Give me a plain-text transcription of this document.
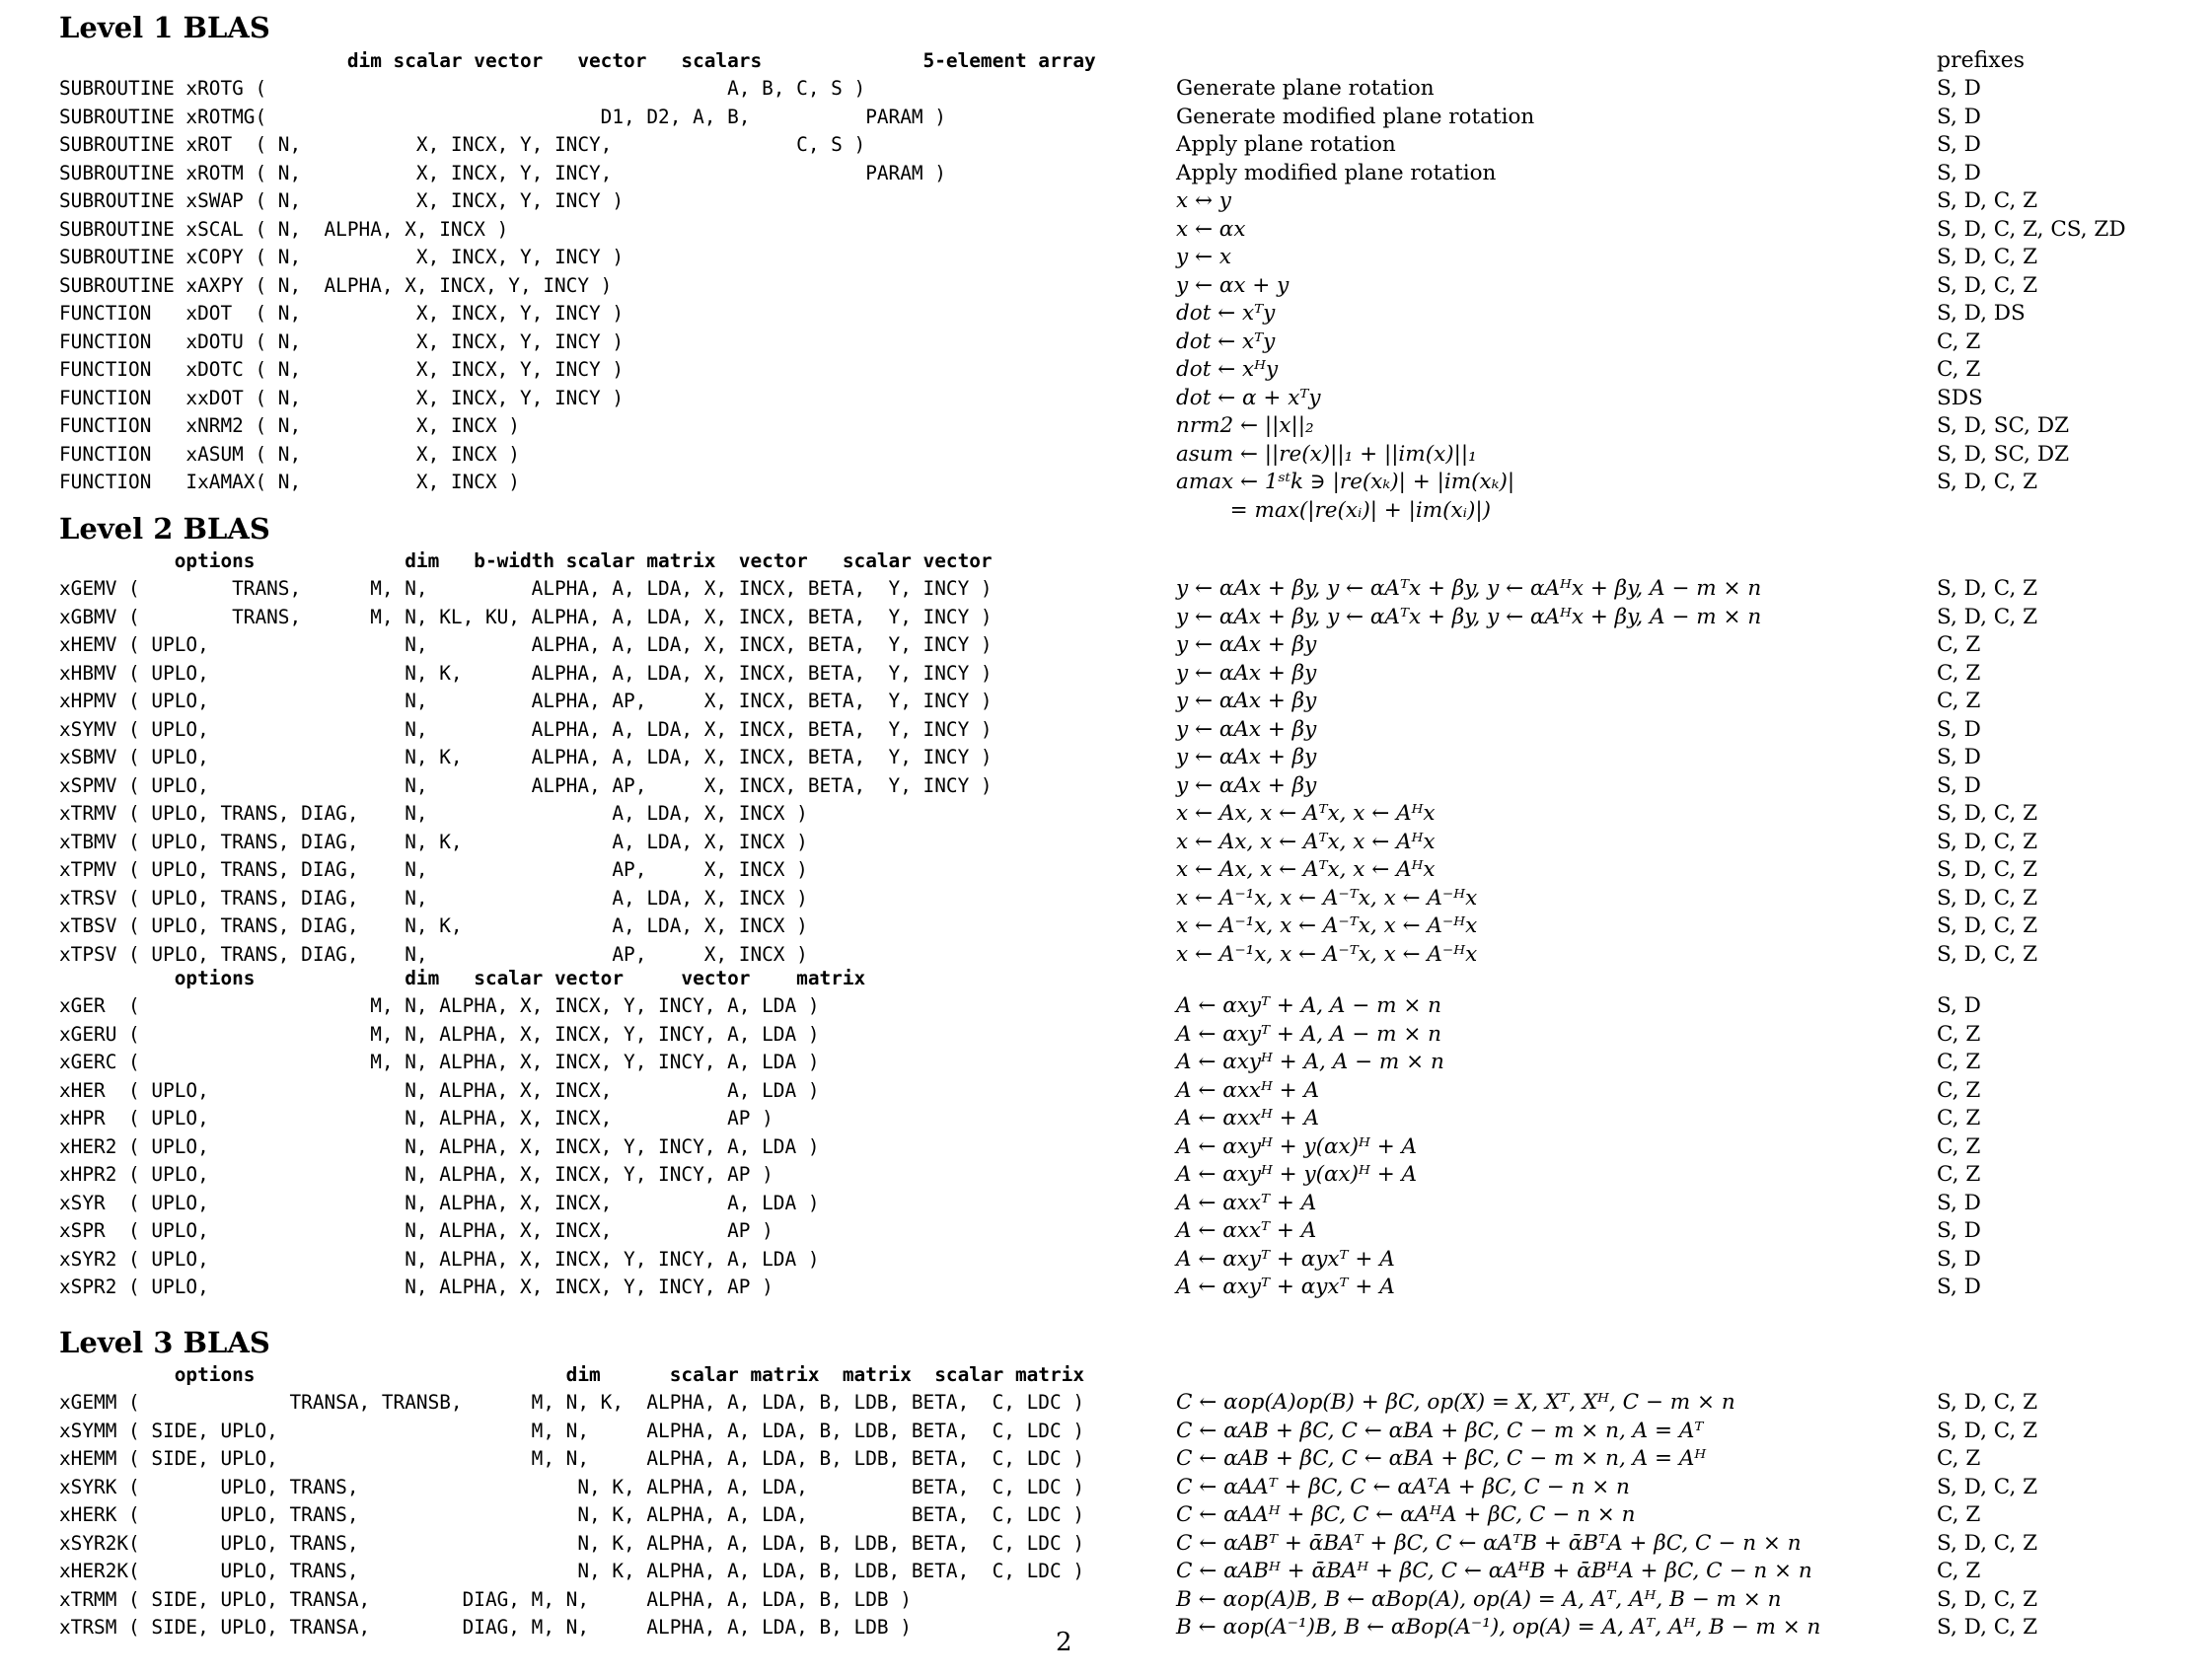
Level 1 BLAS
dim scalar vector   vector   scalars              5-element array	prefixes
SUBROUTINE xROTG (                                        A, B, C, S )	Generate plane rotation	S, D
SUBROUTINE xROTMG(                             D1, D2, A, B,          PARAM )	Generate modified plane rotation	S, D
SUBROUTINE xROT  ( N,          X, INCX, Y, INCY,                C, S )	Apply plane rotation	S, D
SUBROUTINE xROTM ( N,          X, INCX, Y, INCY,                      PARAM )	Apply modified plane rotation	S, D
SUBROUTINE xSWAP ( N,          X, INCX, Y, INCY )	x ↔ y	S, D, C, Z
SUBROUTINE xSCAL ( N,  ALPHA, X, INCX )	x ← αx	S, D, C, Z, CS, ZD
SUBROUTINE xCOPY ( N,          X, INCX, Y, INCY )	y ← x	S, D, C, Z
SUBROUTINE xAXPY ( N,  ALPHA, X, INCX, Y, INCY )	y ← αx + y	S, D, C, Z
FUNCTION   xDOT  ( N,          X, INCX, Y, INCY )	dot ← xᵀy	S, D, DS
FUNCTION   xDOTU ( N,          X, INCX, Y, INCY )	dot ← xᵀy	C, Z
FUNCTION   xDOTC ( N,          X, INCX, Y, INCY )	dot ← xᴴy	C, Z
FUNCTION   xxDOT ( N,          X, INCX, Y, INCY )	dot ← α + xᵀy	SDS
FUNCTION   xNRM2 ( N,          X, INCX )	nrm2 ← ||x||₂	S, D, SC, DZ
FUNCTION   xASUM ( N,          X, INCX )	asum ← ||re(x)||₁ + ||im(x)||₁	S, D, SC, DZ
FUNCTION   IxAMAX( N,          X, INCX )	amax ← 1ˢᵗk ∋ |re(xₖ)| + |im(xₖ)|	S, D, C, Z
= max(|re(xᵢ)| + |im(xᵢ)|)
Level 2 BLAS
options             dim   b-width scalar matrix  vector   scalar vector
xGEMV (        TRANS,      M, N,         ALPHA, A, LDA, X, INCX, BETA,  Y, INCY )	y ← αAx + βy, y ← αAᵀx + βy, y ← αAᴴx + βy, A − m × n	S, D, C, Z
xGBMV (        TRANS,      M, N, KL, KU, ALPHA, A, LDA, X, INCX, BETA,  Y, INCY )	y ← αAx + βy, y ← αAᵀx + βy, y ← αAᴴx + βy, A − m × n	S, D, C, Z
xHEMV ( UPLO,                 N,         ALPHA, A, LDA, X, INCX, BETA,  Y, INCY )	y ← αAx + βy	C, Z
xHBMV ( UPLO,                 N, K,      ALPHA, A, LDA, X, INCX, BETA,  Y, INCY )	y ← αAx + βy	C, Z
xHPMV ( UPLO,                 N,         ALPHA, AP,     X, INCX, BETA,  Y, INCY )	y ← αAx + βy	C, Z
xSYMV ( UPLO,                 N,         ALPHA, A, LDA, X, INCX, BETA,  Y, INCY )	y ← αAx + βy	S, D
xSBMV ( UPLO,                 N, K,      ALPHA, A, LDA, X, INCX, BETA,  Y, INCY )	y ← αAx + βy	S, D
xSPMV ( UPLO,                 N,         ALPHA, AP,     X, INCX, BETA,  Y, INCY )	y ← αAx + βy	S, D
xTRMV ( UPLO, TRANS, DIAG,    N,                A, LDA, X, INCX )	x ← Ax, x ← Aᵀx, x ← Aᴴx	S, D, C, Z
xTBMV ( UPLO, TRANS, DIAG,    N, K,             A, LDA, X, INCX )	x ← Ax, x ← Aᵀx, x ← Aᴴx	S, D, C, Z
xTPMV ( UPLO, TRANS, DIAG,    N,                AP,     X, INCX )	x ← Ax, x ← Aᵀx, x ← Aᴴx	S, D, C, Z
xTRSV ( UPLO, TRANS, DIAG,    N,                A, LDA, X, INCX )	x ← A⁻¹x, x ← A⁻ᵀx, x ← A⁻ᴴx	S, D, C, Z
xTBSV ( UPLO, TRANS, DIAG,    N, K,             A, LDA, X, INCX )	x ← A⁻¹x, x ← A⁻ᵀx, x ← A⁻ᴴx	S, D, C, Z
xTPSV ( UPLO, TRANS, DIAG,    N,                AP,     X, INCX )	x ← A⁻¹x, x ← A⁻ᵀx, x ← A⁻ᴴx	S, D, C, Z
options             dim   scalar vector     vector    matrix
xGER  (                    M, N, ALPHA, X, INCX, Y, INCY, A, LDA )	A ← αxyᵀ + A, A − m × n	S, D
xGERU (                    M, N, ALPHA, X, INCX, Y, INCY, A, LDA )	A ← αxyᵀ + A, A − m × n	C, Z
xGERC (                    M, N, ALPHA, X, INCX, Y, INCY, A, LDA )	A ← αxyᴴ + A, A − m × n	C, Z
xHER  ( UPLO,                 N, ALPHA, X, INCX,          A, LDA )	A ← αxxᴴ + A	C, Z
xHPR  ( UPLO,                 N, ALPHA, X, INCX,          AP )	A ← αxxᴴ + A	C, Z
xHER2 ( UPLO,                 N, ALPHA, X, INCX, Y, INCY, A, LDA )	A ← αxyᴴ + y(αx)ᴴ + A	C, Z
xHPR2 ( UPLO,                 N, ALPHA, X, INCX, Y, INCY, AP )	A ← αxyᴴ + y(αx)ᴴ + A	C, Z
xSYR  ( UPLO,                 N, ALPHA, X, INCX,          A, LDA )	A ← αxxᵀ + A	S, D
xSPR  ( UPLO,                 N, ALPHA, X, INCX,          AP )	A ← αxxᵀ + A	S, D
xSYR2 ( UPLO,                 N, ALPHA, X, INCX, Y, INCY, A, LDA )	A ← αxyᵀ + αyxᵀ + A	S, D
xSPR2 ( UPLO,                 N, ALPHA, X, INCX, Y, INCY, AP )	A ← αxyᵀ + αyxᵀ + A	S, D
Level 3 BLAS
options                           dim      scalar matrix  matrix  scalar matrix
xGEMM (             TRANSA, TRANSB,      M, N, K,  ALPHA, A, LDA, B, LDB, BETA,  C, LDC )	C ← αop(A)op(B) + βC, op(X) = X, Xᵀ, Xᴴ, C − m × n	S, D, C, Z
xSYMM ( SIDE, UPLO,                      M, N,     ALPHA, A, LDA, B, LDB, BETA,  C, LDC )	C ← αAB + βC, C ← αBA + βC, C − m × n, A = Aᵀ	S, D, C, Z
xHEMM ( SIDE, UPLO,                      M, N,     ALPHA, A, LDA, B, LDB, BETA,  C, LDC )	C ← αAB + βC, C ← αBA + βC, C − m × n, A = Aᴴ	C, Z
xSYRK (       UPLO, TRANS,                   N, K, ALPHA, A, LDA,         BETA,  C, LDC )	C ← αAAᵀ + βC, C ← αAᵀA + βC, C − n × n	S, D, C, Z
xHERK (       UPLO, TRANS,                   N, K, ALPHA, A, LDA,         BETA,  C, LDC )	C ← αAAᴴ + βC, C ← αAᴴA + βC, C − n × n	C, Z
xSYR2K(       UPLO, TRANS,                   N, K, ALPHA, A, LDA, B, LDB, BETA,  C, LDC )	C ← αABᵀ + ᾱBAᵀ + βC, C ← αAᵀB + ᾱBᵀA + βC, C − n × n	S, D, C, Z
xHER2K(       UPLO, TRANS,                   N, K, ALPHA, A, LDA, B, LDB, BETA,  C, LDC )	C ← αABᴴ + ᾱBAᴴ + βC, C ← αAᴴB + ᾱBᴴA + βC, C − n × n	C, Z
xTRMM ( SIDE, UPLO, TRANSA,        DIAG, M, N,     ALPHA, A, LDA, B, LDB )	B ← αop(A)B, B ← αBop(A), op(A) = A, Aᵀ, Aᴴ, B − m × n	S, D, C, Z
xTRSM ( SIDE, UPLO, TRANSA,        DIAG, M, N,     ALPHA, A, LDA, B, LDB )	B ← αop(A⁻¹)B, B ← αBop(A⁻¹), op(A) = A, Aᵀ, Aᴴ, B − m × n	S, D, C, Z
2
